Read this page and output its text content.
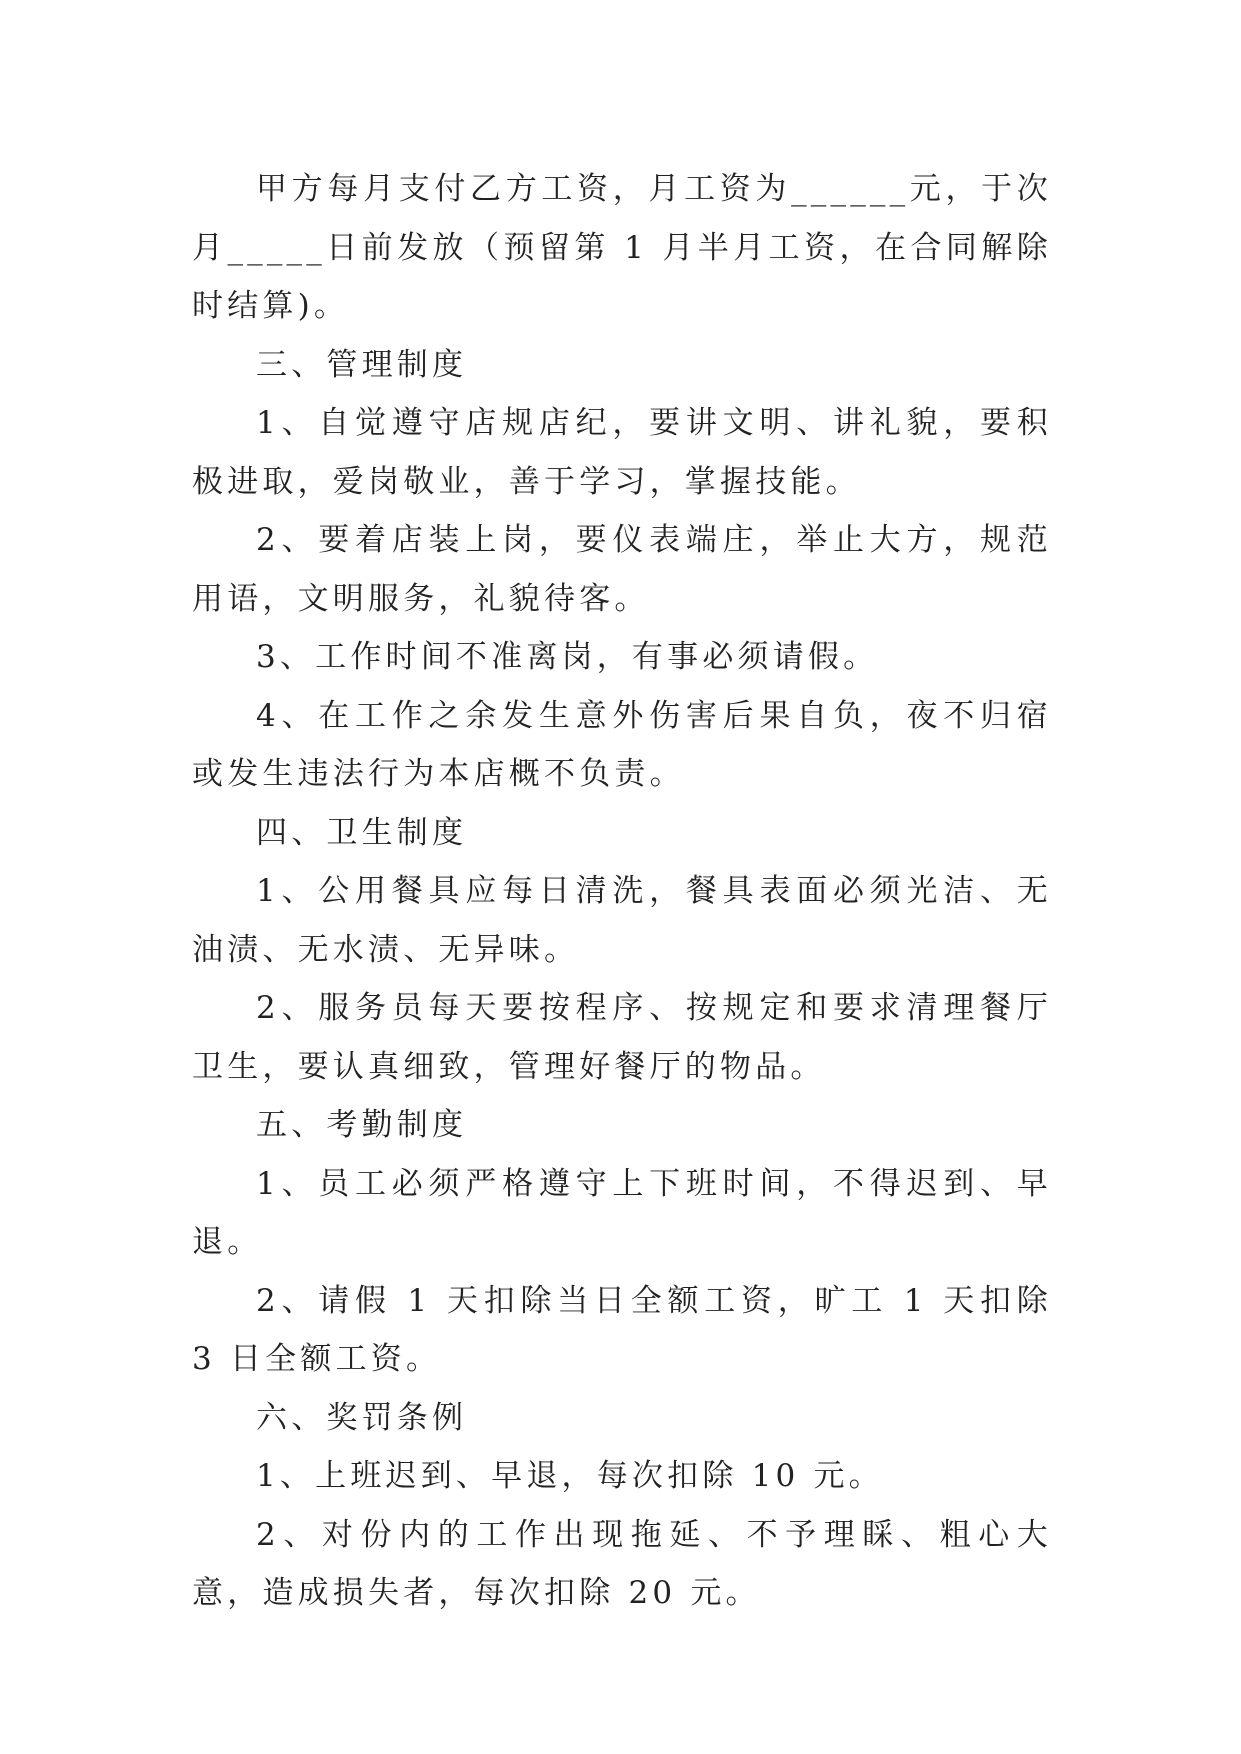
甲方每月支付乙方工资，月工资为______元，于次月_____日前发放（预留第 1 月半月工资，在合同解除时结算)。

三、管理制度

1、自觉遵守店规店纪，要讲文明、讲礼貌，要积极进取，爱岗敬业，善于学习，掌握技能。

2、要着店装上岗，要仪表端庄，举止大方，规范用语，文明服务，礼貌待客。

3、工作时间不准离岗，有事必须请假。

4、在工作之余发生意外伤害后果自负，夜不归宿或发生违法行为本店概不负责。

四、卫生制度

1、公用餐具应每日清洗，餐具表面必须光洁、无油渍、无水渍、无异味。

2、服务员每天要按程序、按规定和要求清理餐厅卫生，要认真细致，管理好餐厅的物品。

五、考勤制度

1、员工必须严格遵守上下班时间，不得迟到、早退。

2、请假 1 天扣除当日全额工资，旷工 1 天扣除 3 日全额工资。

六、奖罚条例

1、上班迟到、早退，每次扣除 10 元。

2、对份内的工作出现拖延、不予理睬、粗心大意，造成损失者，每次扣除 20 元。
